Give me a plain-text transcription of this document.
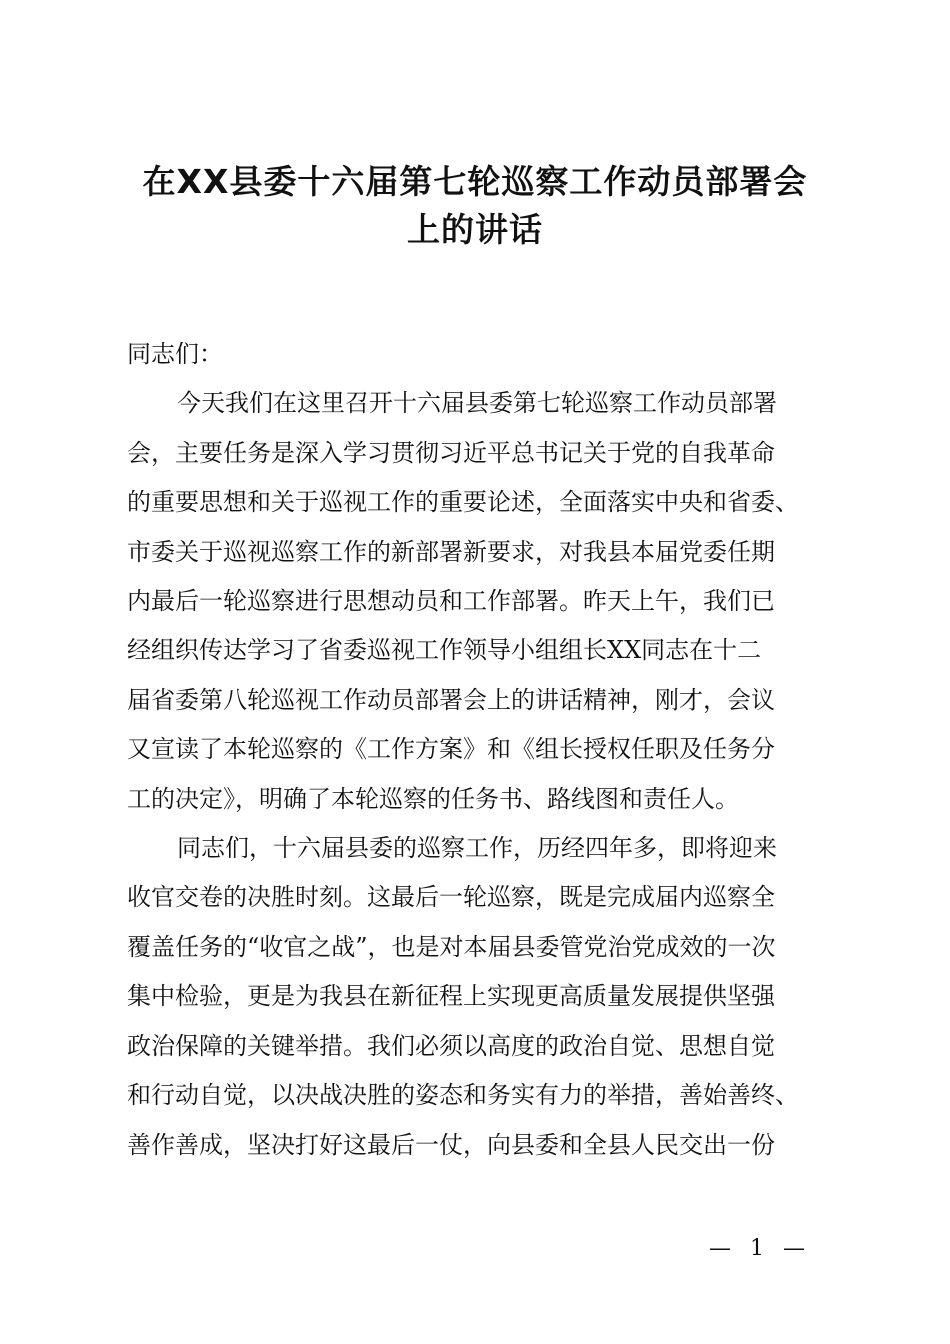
在XX县委十六届第七轮巡察工作动员部署会
上的讲话

同志们：

今天我们在这里召开十六届县委第七轮巡察工作动员部署
会，主要任务是深入学习贯彻习近平总书记关于党的自我革命
的重要思想和关于巡视工作的重要论述，全面落实中央和省委、
市委关于巡视巡察工作的新部署新要求，对我县本届党委任期
内最后一轮巡察进行思想动员和工作部署。昨天上午，我们已
经组织传达学习了省委巡视工作领导小组组长XX同志在十二
届省委第八轮巡视工作动员部署会上的讲话精神，刚才，会议
又宣读了本轮巡察的《工作方案》和《组长授权任职及任务分
工的决定》，明确了本轮巡察的任务书、路线图和责任人。

同志们，十六届县委的巡察工作，历经四年多，即将迎来
收官交卷的决胜时刻。这最后一轮巡察，既是完成届内巡察全
覆盖任务的“收官之战”，也是对本届县委管党治党成效的一次
集中检验，更是为我县在新征程上实现更高质量发展提供坚强
政治保障的关键举措。我们必须以高度的政治自觉、思想自觉
和行动自觉，以决战决胜的姿态和务实有力的举措，善始善终、
善作善成，坚决打好这最后一仗，向县委和全县人民交出一份

— 1 —
